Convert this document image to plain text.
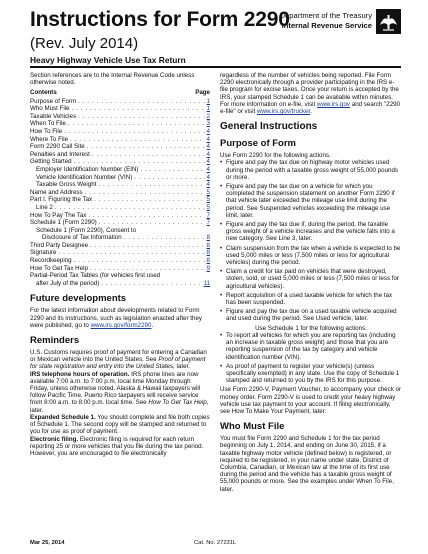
Instructions for Form 2290
(Rev. July 2014)
Heavy Highway Vehicle Use Tax Return
Department of the Treasury
Internal Revenue Service

Section references are to the Internal Revenue Code unless otherwise noted.

Contents	Page
Purpose of Form . . .	1
Who Must File . . .	1
Taxable Vehicles . . .	2
When To File . . .	3
How To File . . .	4
Where To File . . .	4
Form 2290 Call Site . . .	4
Penalties and Interest . . .	4
Getting Started . . .	4
Employer Identification Number (EIN) . . .	4
Vehicle Identification Number (VIN) . . .	4
Taxable Gross Weight . . .	4
Name and Address . . .	5
Part I. Figuring the Tax . . .	5
Line 2 . . .	5
How To Pay The Tax . . .	7
Schedule 1 (Form 2290) . . .	7
Schedule 1 (Form 2290), Consent to
Disclosure of Tax Information . . .	8
Third Party Designee . . .	8
Signature . . .	8
Recordkeeping . . .	8
How To Get Tax Help . . .	9
Partial-Period Tax Tables (for vehicles first used
after July of the period) . . .	11
Future developments

For the latest information about developments related to Form 2290 and its instructions, such as legislation enacted after they were published, go to www.irs.gov/form2290.

Reminders

U.S. Customs requires proof of payment for entering a Canadian or Mexican vehicle into the United States. See Proof of payment for state registration and entry into the United States, later.

IRS telephone hours of operation. IRS phone lines are now available 7:00 a.m. to 7:00 p.m. local time Monday through Friday, unless otherwise noted. Alaska & Hawaii taxpayers will follow Pacific Time. Puerto Rico taxpayers will receive service from 8:00 a.m. to 8:00 p.m. local time. See How To Get Tax Help, later.

Expanded Schedule 1. You should complete and file both copies of Schedule 1. The second copy will be stamped and returned to you for use as proof of payment.

Electronic filing. Electronic filing is required for each return reporting 25 or more vehicles that you file during the tax period. However, you are encouraged to file electronically

regardless of the number of vehicles being reported. File Form 2290 electronically through a provider participating in the IRS e-file program for excise taxes. Once your return is accepted by the IRS, your stamped Schedule 1 can be available within minutes. For more information on e-file, visit www.irs.gov and search "2290 e-file" or visit www.irs.gov/trucker.

General Instructions
Purpose of Form

Use Form 2290 for the following actions.

• Figure and pay the tax due on highway motor vehicles used during the period with a taxable gross weight of 55,000 pounds or more.
• Figure and pay the tax due on a vehicle for which you completed the suspension statement on another Form 2290 if that vehicle later exceeded the mileage use limit during the period. See Suspended vehicles exceeding the mileage use limit, later.
• Figure and pay the tax due if, during the period, the taxable gross weight of a vehicle increases and the vehicle falls into a new category. See Line 3, later.
• Claim suspension from the tax when a vehicle is expected to be used 5,000 miles or less (7,500 miles or less for agricultural vehicles) during the period.
• Claim a credit for tax paid on vehicles that were destroyed, stolen, sold, or used 5,000 miles or less (7,500 miles or less for agricultural vehicles).
• Report acquisition of a used taxable vehicle for which the tax has been suspended.
• Figure and pay the tax due on a used taxable vehicle acquired and used during the period. See Used vehicle, later.

Use Schedule 1 for the following actions.

• To report all vehicles for which you are reporting tax (including an increase in taxable gross weight) and those that you are reporting suspension of the tax by category and vehicle identification number (VIN).
• As proof of payment to register your vehicle(s) (unless specifically exempted) in any state. Use the copy of Schedule 1 stamped and returned to you by the IRS for this purpose.

Use Form 2290-V, Payment Voucher, to accompany your check or money order. Form 2290-V is used to credit your heavy highway vehicle use tax payment to your account. If filing electronically, see How To Make Your Payment, later.

Who Must File

You must file Form 2290 and Schedule 1 for the tax period beginning on July 1, 2014, and ending on June 30, 2015, if a taxable highway motor vehicle (defined below) is registered, or required to be registered, in your name under state, District of Columbia, Canadian, or Mexican law at the time of its first use during the period and the vehicle has a taxable gross weight of 55,000 pounds or more. See the examples under When To File, later.

Mar 25, 2014	Cat. No. 27231L
